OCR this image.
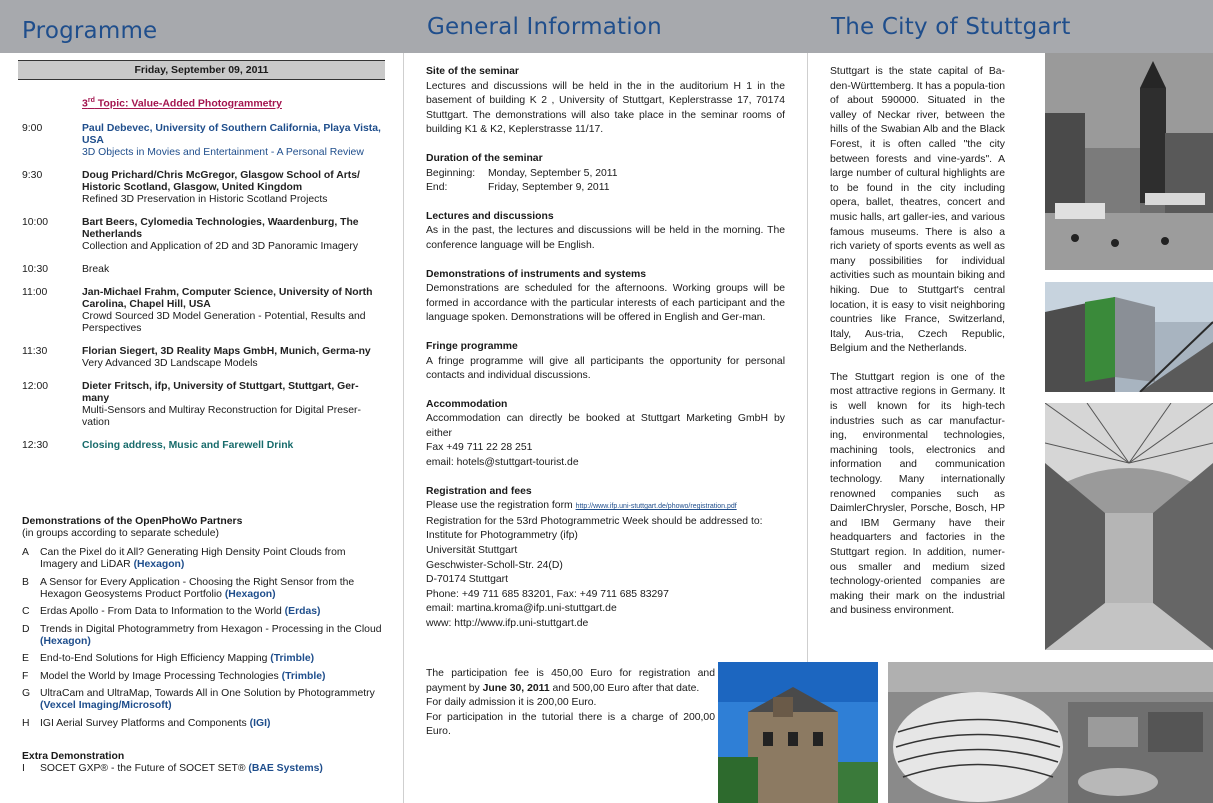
Programme	General Information	The City of Stuttgart
Friday, September 09, 2011
3rd Topic: Value-Added Photogrammetry
9:00	Paul Debevec, University of Southern California, Playa Vista, USA
3D Objects in Movies and Entertainment - A Personal Review
9:30	Doug Prichard/Chris McGregor, Glasgow School of Arts/ Historic Scotland, Glasgow, United Kingdom
Refined 3D Preservation in Historic Scotland Projects
10:00	Bart Beers, Cylomedia Technologies, Waardenburg, The Netherlands
Collection and Application of 2D and 3D Panoramic Imagery
10:30	Break
11:00	Jan-Michael Frahm, Computer Science, University of North Carolina, Chapel Hill, USA
Crowd Sourced 3D Model Generation - Potential, Results and Perspectives
11:30	Florian Siegert, 3D Reality Maps GmbH, Munich, Germa-ny
Very Advanced 3D Landscape Models
12:00	Dieter Fritsch, ifp, University of Stuttgart, Stuttgart, Ger-many
Multi-Sensors and Multiray Reconstruction for Digital Preser-vation
12:30	Closing address, Music and Farewell Drink
Demonstrations of the OpenPhoWo Partners
(in groups according to separate schedule)
A	Can the Pixel do it All? Generating High Density Point Clouds from Imagery and LiDAR (Hexagon)
B	A Sensor for Every Application - Choosing the Right Sensor from the Hexagon Geosystems Product Portfolio (Hexagon)
C	Erdas Apollo - From Data to Information to the World (Erdas)
D	Trends in Digital Photogrammetry from Hexagon - Processing in the Cloud (Hexagon)
E	End-to-End Solutions for High Efficiency Mapping (Trimble)
F	Model the World by Image Processing Technologies (Trimble)
G UltraCam and UltraMap, Towards All in One Solution by Photogrammetry (Vexcel Imaging/Microsoft)
H	IGI Aerial Survey Platforms and Components (IGI)
Extra Demonstration
I	SOCET GXP® - the Future of SOCET SET® (BAE Systems)
Site of the seminar
Lectures and discussions will be held in the in the auditorium H 1 in the basement of building K 2 , University of Stuttgart, Keplerstrasse 17, 70174 Stuttgart. The demonstrations will also take place in the seminar rooms of building K1 & K2, Keplerstrasse 11/17.
Duration of the seminar
Beginning:	Monday, September 5, 2011
End:	Friday, September 9, 2011
Lectures and discussions
As in the past, the lectures and discussions will be held in the morning. The conference language will be English.
Demonstrations of instruments and systems
Demonstrations are scheduled for the afternoons. Working groups will be formed in accordance with the particular interests of each participant and the language spoken. Demonstrations will be offered in English and Ger-man.
Fringe programme
A fringe programme will give all participants the opportunity for personal contacts and individual discussions.
Accommodation
Accommodation can directly be booked at Stuttgart Marketing GmbH by either
Fax +49 711 22 28 251
email: hotels@stuttgart-tourist.de
Registration and fees
Please use the registration form http://www.ifp.uni-stuttgart.de/phowo/registration.pdf
Registration for the 53rd Photogrammetric Week should be addressed to:
Institute for Photogrammetry (ifp)
Universität Stuttgart
Geschwister-Scholl-Str. 24(D)
D-70174 Stuttgart
Phone: +49 711 685 83201, Fax: +49 711 685 83297
email: martina.kroma@ifp.uni-stuttgart.de
www: http://www.ifp.uni-stuttgart.de
The participation fee is 450,00 Euro for registration and payment by June 30, 2011 and 500,00 Euro after that date.
For daily admission it is 200,00 Euro.
For participation in the tutorial there is a charge of 200,00 Euro.

Stuttgart is the state capital of Ba-den-Württemberg. It has a popula-tion of about 590000. Situated in the valley of Neckar river, between the hills of the Swabian Alb and the Black Forest, it is often called "the city between forests and vine-yards". A large number of cultural highlights are to be found in the city including opera, ballet, theatres, concert and music halls, art galler-ies, and various famous museums. There is also a rich variety of sports events as well as many possibilities for individual activities such as mountain biking and hiking. Due to Stuttgart's central location, it is easy to visit neighboring countries like France, Switzerland, Italy, Aus-tria, Czech Republic, Belgium and the Netherlands.

The Stuttgart region is one of the most attractive regions in Germany. It is well known for its high-tech industries such as car manufactur-ing, environmental technologies, machining tools, electronics and information and communication technology. Many internationally renowned companies such as DaimlerChrysler, Porsche, Bosch, HP and IBM Germany have their headquarters and factories in the Stuttgart region. In addition, numer-ous smaller and medium sized technology-oriented companies are making their mark on the industrial and business environment.
